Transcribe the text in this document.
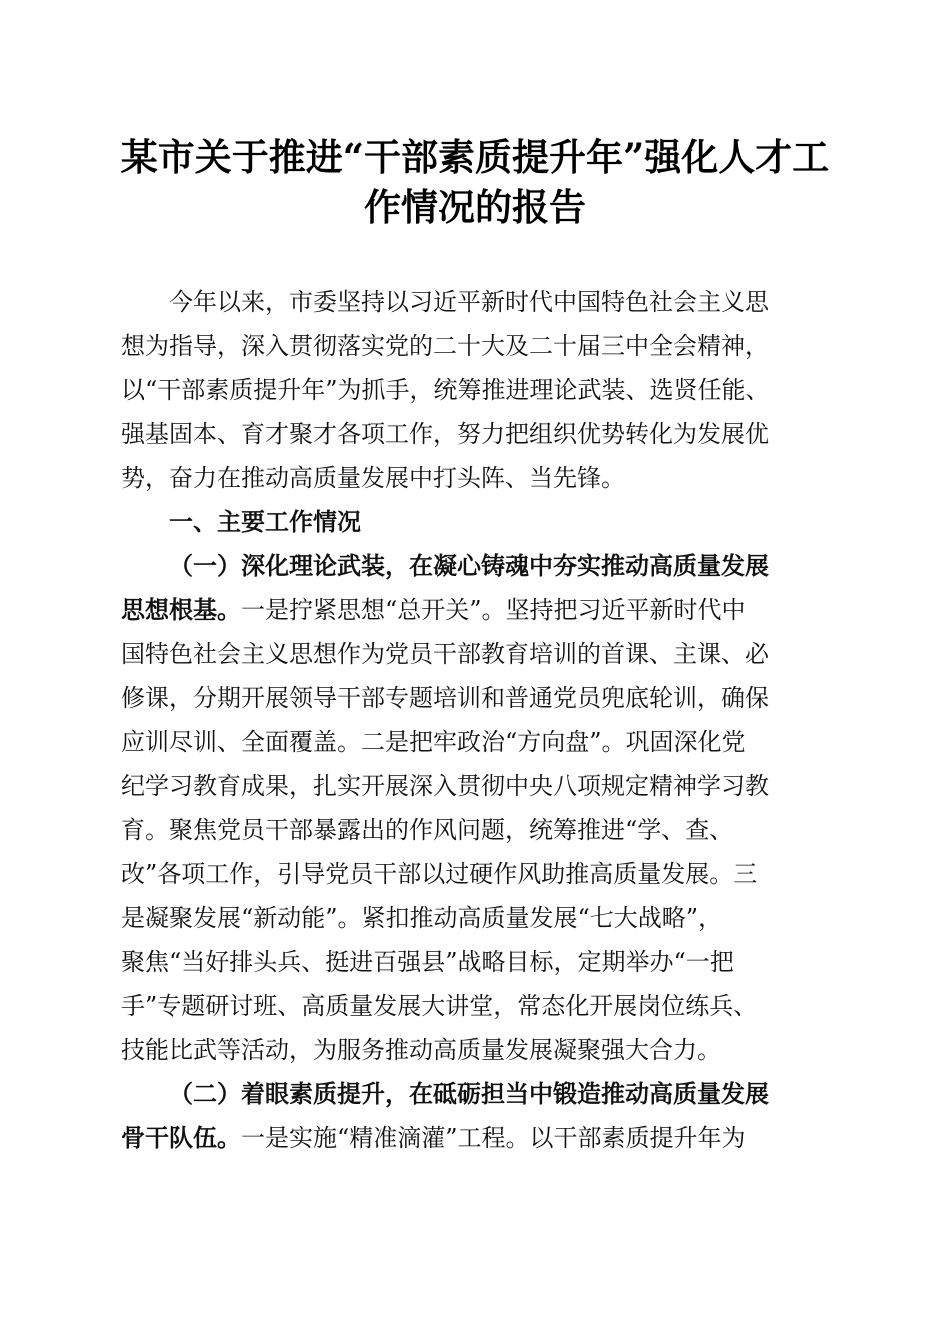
某市关于推进“干部素质提升年”强化人才工
作情况的报告
今年以来，市委坚持以习近平新时代中国特色社会主义思
想为指导，深入贯彻落实党的二十大及二十届三中全会精神，
以“干部素质提升年”为抓手，统筹推进理论武装、选贤任能、
强基固本、育才聚才各项工作，努力把组织优势转化为发展优
势，奋力在推动高质量发展中打头阵、当先锋。
一、主要工作情况
（一）深化理论武装，在凝心铸魂中夯实推动高质量发展
思想根基。一是拧紧思想“总开关”。坚持把习近平新时代中
国特色社会主义思想作为党员干部教育培训的首课、主课、必
修课，分期开展领导干部专题培训和普通党员兜底轮训，确保
应训尽训、全面覆盖。二是把牢政治“方向盘”。巩固深化党
纪学习教育成果，扎实开展深入贯彻中央八项规定精神学习教
育。聚焦党员干部暴露出的作风问题，统筹推进“学、查、
改”各项工作，引导党员干部以过硬作风助推高质量发展。三
是凝聚发展“新动能”。紧扣推动高质量发展“七大战略”，
聚焦“当好排头兵、挺进百强县”战略目标，定期举办“一把
手”专题研讨班、高质量发展大讲堂，常态化开展岗位练兵、
技能比武等活动，为服务推动高质量发展凝聚强大合力。
（二）着眼素质提升，在砥砺担当中锻造推动高质量发展
骨干队伍。一是实施“精准滴灌”工程。以干部素质提升年为
